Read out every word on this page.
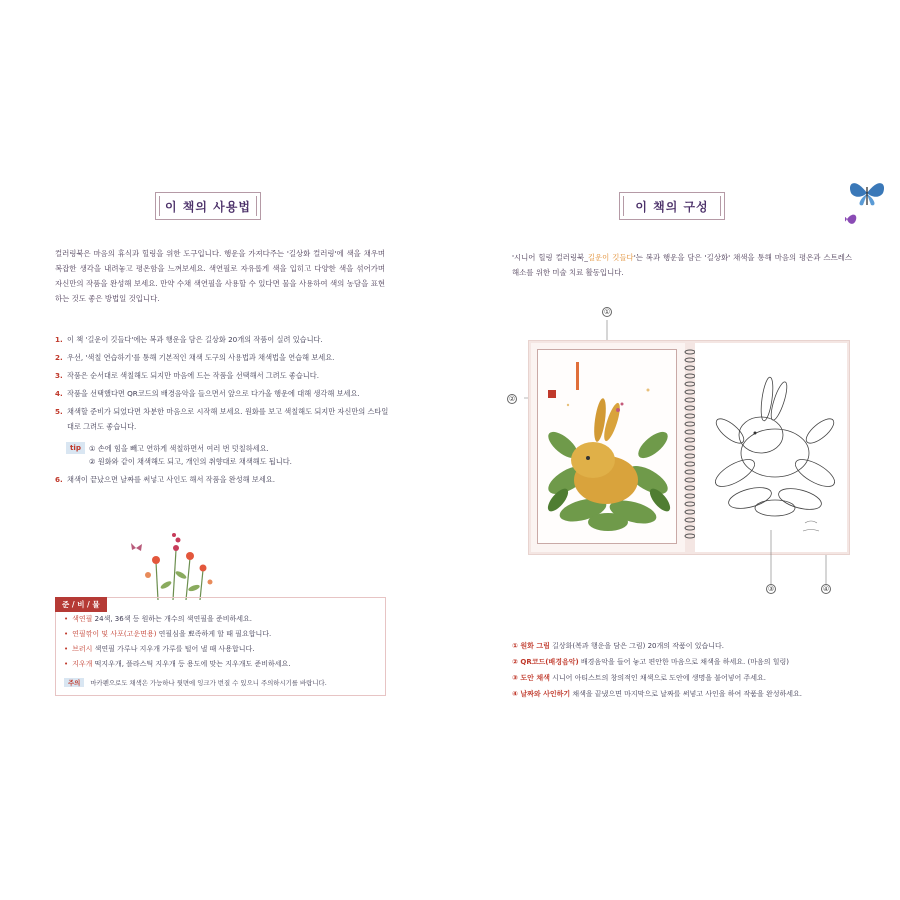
이 책의 사용법

컬러링북은 마음의 휴식과 힐링을 위한 도구입니다. 행운을 가져다주는 '길상화 컬러링'에 색을 채우며 복잡한 생각을 내려놓고 평온함을 느껴보세요. 색연필로 자유롭게 색을 입히고 다양한 색을 섞어가며 자신만의 작품을 완성해 보세요. 만약 수채 색연필을 사용할 수 있다면 물을 사용하여 색의 농담을 표현하는 것도 좋은 방법일 것입니다.

1. 이 책 '길운이 깃들다'에는 복과 행운을 담은 길상화 20개의 작품이 실려 있습니다.
2. 우선, '색칠 연습하기'를 통해 기본적인 채색 도구의 사용법과 채색법을 연습해 보세요.
3. 작품은 순서대로 색칠해도 되지만 마음에 드는 작품을 선택해서 그려도 좋습니다.
4. 작품을 선택했다면 QR코드의 배경음악을 들으면서 앞으로 다가올 행운에 대해 생각해 보세요.
5. 채색할 준비가 되었다면 차분한 마음으로 시작해 보세요. 원화를 보고 색칠해도 되지만 자신만의 스타일대로 그려도 좋습니다.
tip	① 손에 힘을 빼고 연하게 색칠하면서 여러 번 덧칠하세요.
② 원화와 같이 채색해도 되고, 개인의 취향대로 채색해도 됩니다.
6. 채색이 끝났으면 날짜를 써넣고 사인도 해서 작품을 완성해 보세요.
준 / 비 / 물
• 색연필 24색, 36색 등 원하는 개수의 색연필을 준비하세요.
• 연필깎이 및 사포(고운면용) 연필심을 뾰족하게 할 때 필요합니다.
• 브러시 색연필 가루나 지우개 가루를 털어 낼 때 사용합니다.
• 지우개 떡지우개, 플라스틱 지우개 등 용도에 맞는 지우개도 준비하세요.
주의	마카펜으로도 채색은 가능하나 뒷면에 잉크가 번질 수 있으니 주의하시기를 바랍니다.
이 책의 구성

'시니어 힐링 컬러링북_길운이 깃들다'는 복과 행운을 담은 '길상화' 채색을 통해 마음의 평온과 스트레스 해소를 위한 미술 치료 활동입니다.

①
②
③	④
① 원화 그림 길상화(복과 행운을 담은 그림) 20개의 작품이 있습니다.
② QR코드(배경음악) 배경음악을 들어 놓고 편안한 마음으로 채색을 하세요. (마음의 힐링)
③ 도안 채색 시니어 아티스트의 창의적인 채색으로 도안에 생명을 불어넣어 주세요.
④ 날짜와 사인하기 채색을 끝냈으면 마지막으로 날짜를 써넣고 사인을 하여 작품을 완성하세요.
